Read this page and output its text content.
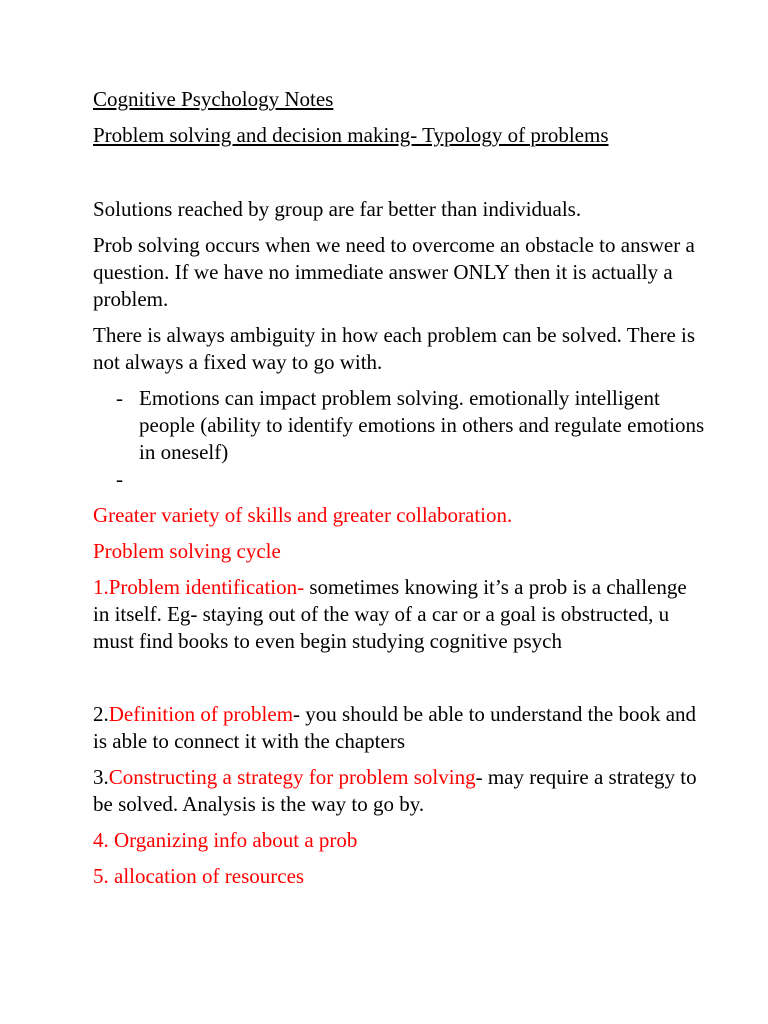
Cognitive Psychology Notes

Problem solving and decision making- Typology of problems

Solutions reached by group are far better than individuals.

Prob solving occurs when we need to overcome an obstacle to answer a question. If we have no immediate answer ONLY then it is actually a problem.

There is always ambiguity in how each problem can be solved. There is not always a fixed way to go with.

- Emotions can impact problem solving. emotionally intelligent people (ability to identify emotions in others and regulate emotions in oneself)
-

Greater variety of skills and greater collaboration.

Problem solving cycle

1.Problem identification- sometimes knowing it’s a prob is a challenge in itself. Eg- staying out of the way of a car or a goal is obstructed, u must find books to even begin studying cognitive psych

2.Definition of problem- you should be able to understand the book and is able to connect it with the chapters

3.Constructing a strategy for problem solving- may require a strategy to be solved. Analysis is the way to go by.

4. Organizing info about a prob

5. allocation of resources
